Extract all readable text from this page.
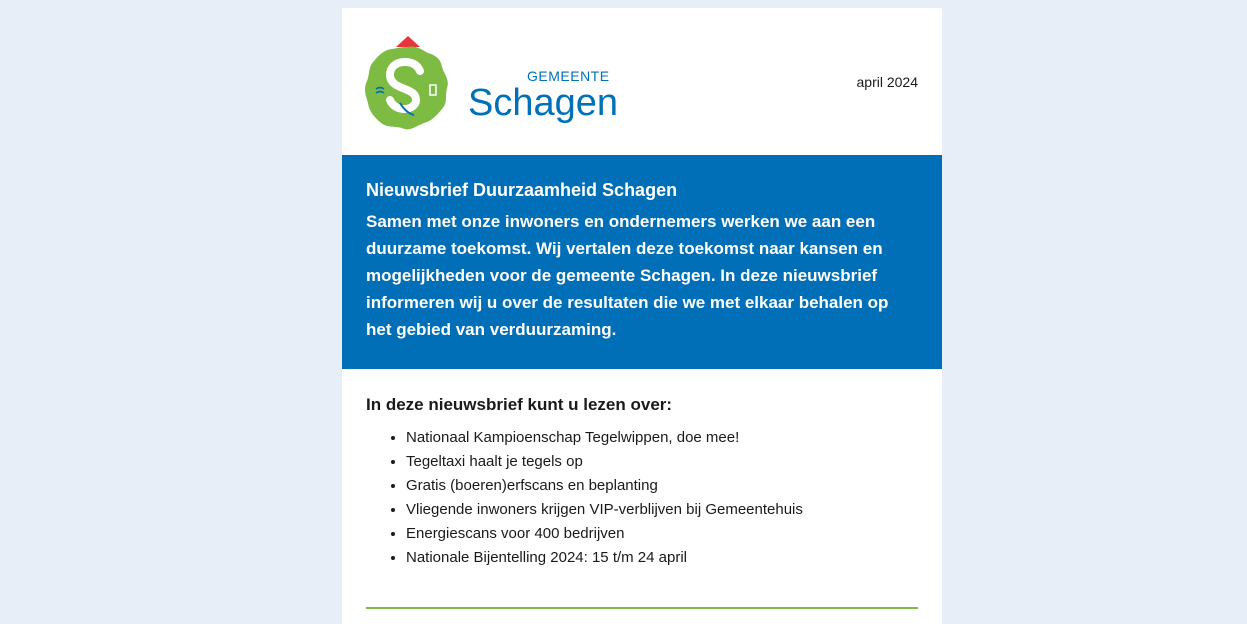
GEMEENTE
Schagen	april 2024
Nieuwsbrief Duurzaamheid Schagen

Samen met onze inwoners en ondernemers werken we aan een duurzame toekomst. Wij vertalen deze toekomst naar kansen en mogelijkheden voor de gemeente Schagen. In deze nieuwsbrief informeren wij u over de resultaten die we met elkaar behalen op het gebied van verduurzaming.

In deze nieuwsbrief kunt u lezen over:
• Nationaal Kampioenschap Tegelwippen, doe mee!
• Tegeltaxi haalt je tegels op
• Gratis (boeren)erfscans en beplanting
• Vliegende inwoners krijgen VIP-verblijven bij Gemeentehuis
• Energiescans voor 400 bedrijven
• Nationale Bijentelling 2024: 15 t/m 24 april
